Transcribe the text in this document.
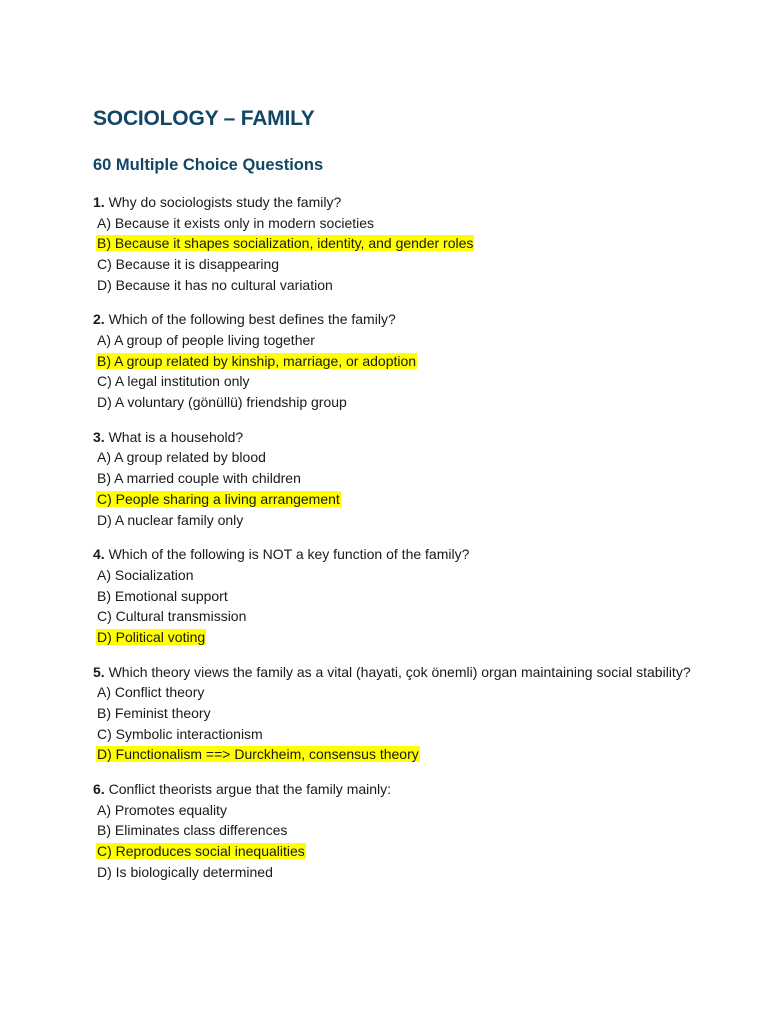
SOCIOLOGY – FAMILY
60 Multiple Choice Questions
1. Why do sociologists study the family?
A) Because it exists only in modern societies
B) Because it shapes socialization, identity, and gender roles
C) Because it is disappearing
D) Because it has no cultural variation
2. Which of the following best defines the family?
A) A group of people living together
B) A group related by kinship, marriage, or adoption
C) A legal institution only
D) A voluntary (gönüllü) friendship group
3. What is a household?
A) A group related by blood
B) A married couple with children
C) People sharing a living arrangement
D) A nuclear family only
4. Which of the following is NOT a key function of the family?
A) Socialization
B) Emotional support
C) Cultural transmission
D) Political voting
5. Which theory views the family as a vital (hayati, çok önemli) organ maintaining social stability?
A) Conflict theory
B) Feminist theory
C) Symbolic interactionism
D) Functionalism ==> Durckheim, consensus theory
6. Conflict theorists argue that the family mainly:
A) Promotes equality
B) Eliminates class differences
C) Reproduces social inequalities
D) Is biologically determined
